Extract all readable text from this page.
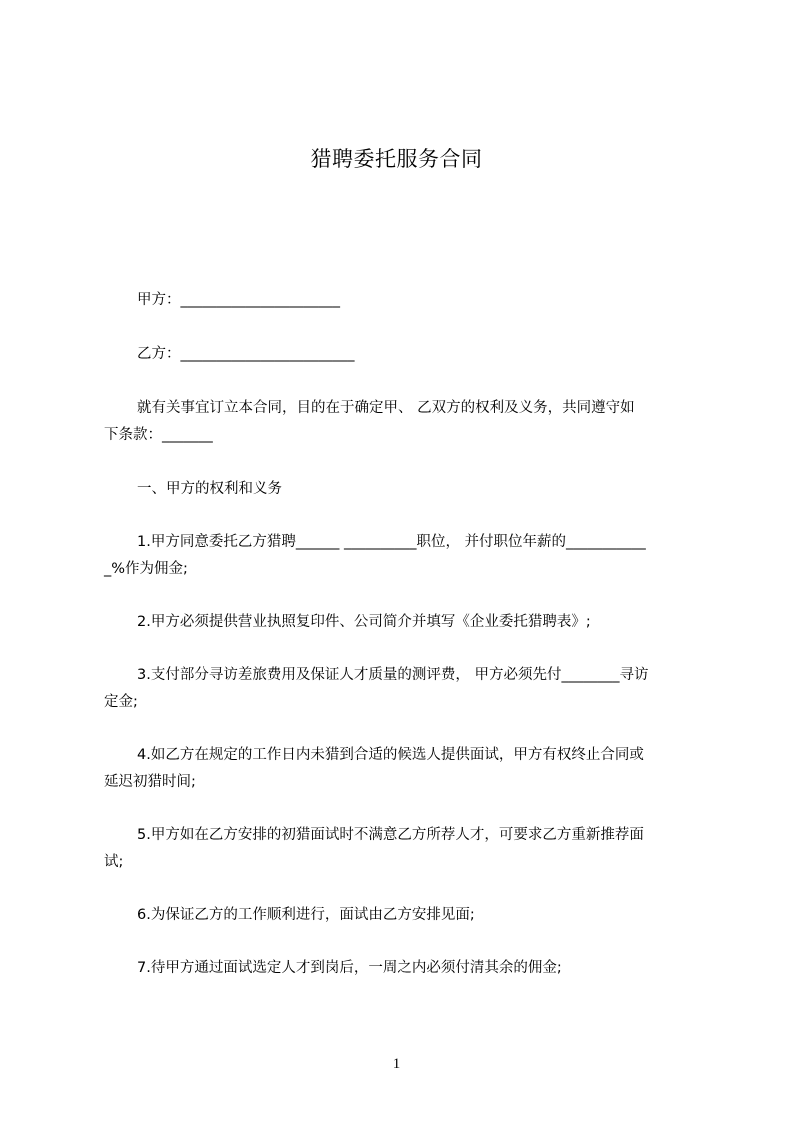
猎聘委托服务合同
甲方：______________________
乙方：________________________
就有关事宜订立本合同，目的在于确定甲、 乙双方的权利及义务，共同遵守如
下条款：_______
一、甲方的权利和义务
1.甲方同意委托乙方猎聘______ __________职位， 并付职位年薪的___________
_%作为佣金;
2.甲方必须提供营业执照复印件、公司简介并填写《企业委托猎聘表》;
3.支付部分寻访差旅费用及保证人才质量的测评费， 甲方必须先付________寻访
定金;
4.如乙方在规定的工作日内未猎到合适的候选人提供面试，甲方有权终止合同或
延迟初猎时间;
5.甲方如在乙方安排的初猎面试时不满意乙方所荐人才，可要求乙方重新推荐面
试;
6.为保证乙方的工作顺利进行，面试由乙方安排见面;
7.待甲方通过面试选定人才到岗后，一周之内必须付清其余的佣金;
1
